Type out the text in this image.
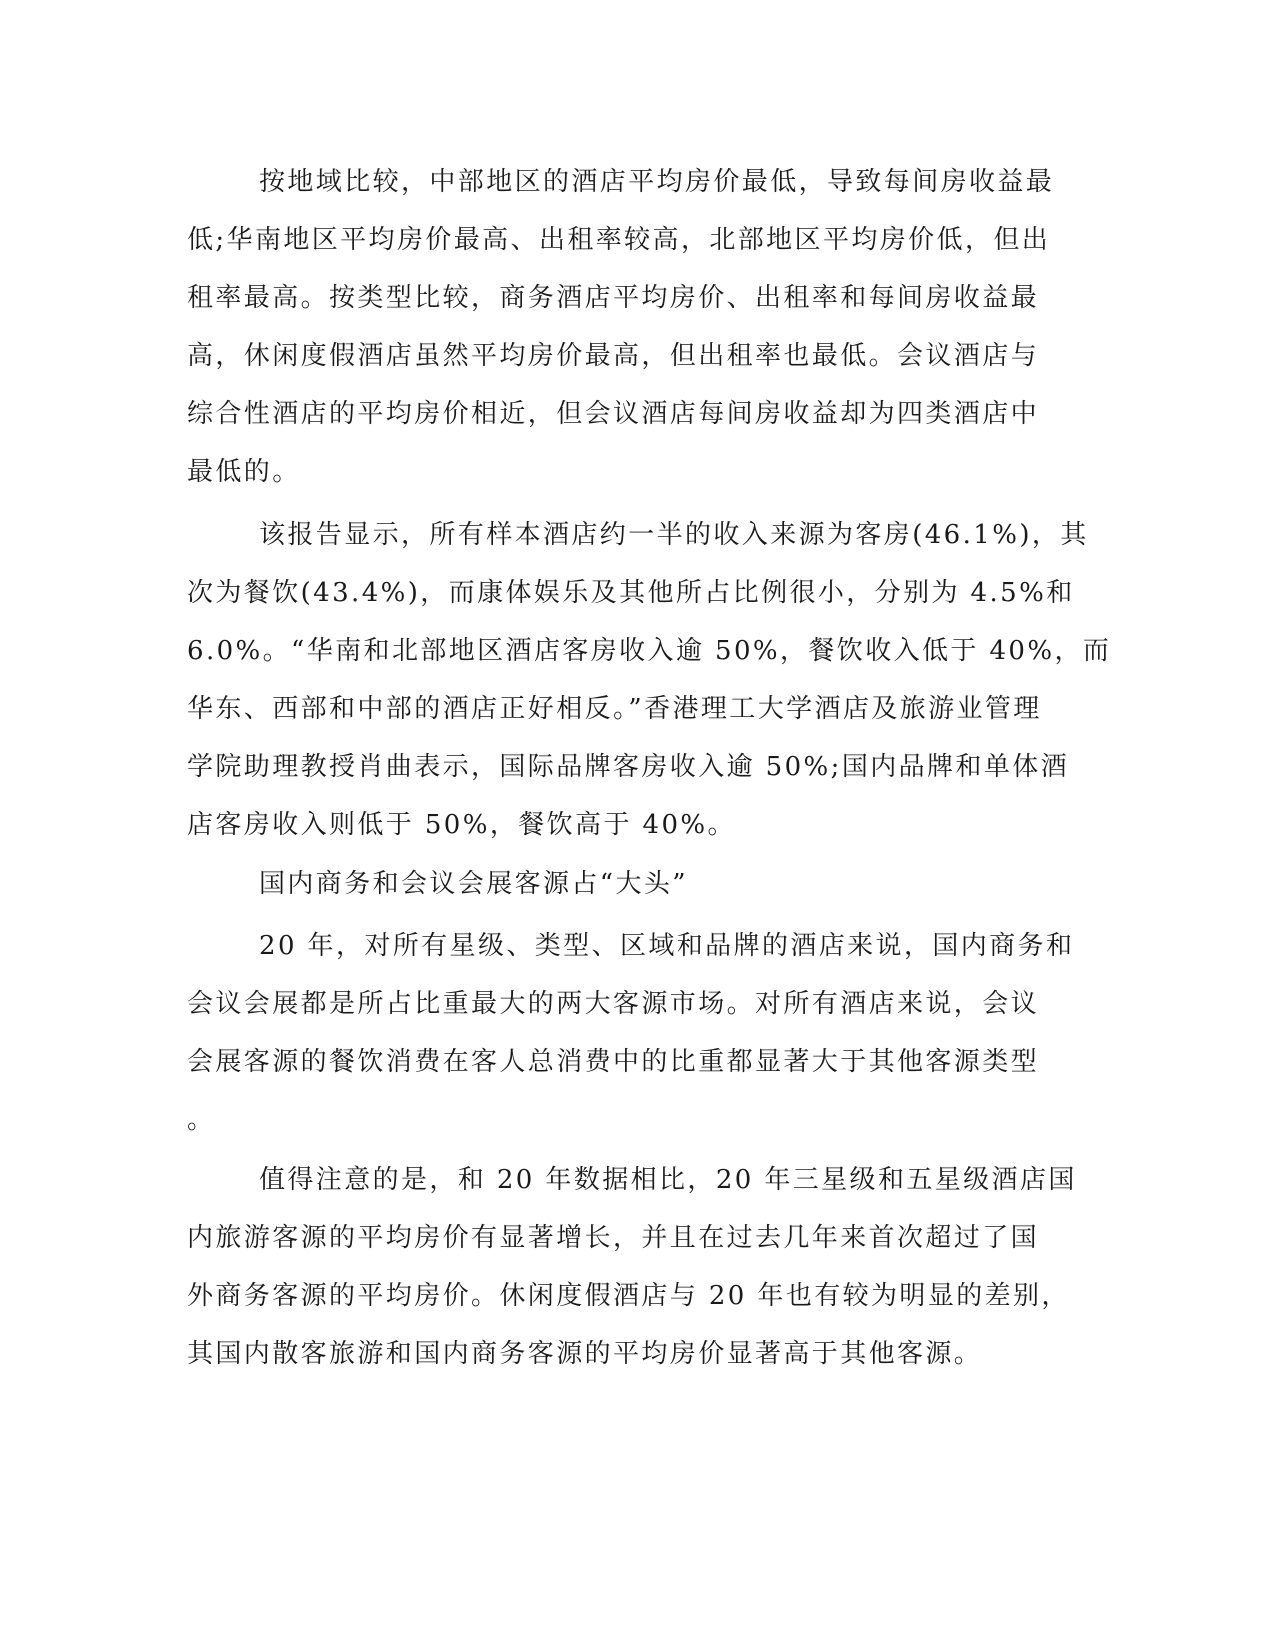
按地域比较，中部地区的酒店平均房价最低，导致每间房收益最
低;华南地区平均房价最高、出租率较高，北部地区平均房价低，但出
租率最高。按类型比较，商务酒店平均房价、出租率和每间房收益最
高，休闲度假酒店虽然平均房价最高，但出租率也最低。会议酒店与
综合性酒店的平均房价相近，但会议酒店每间房收益却为四类酒店中
最低的。
该报告显示，所有样本酒店约一半的收入来源为客房(46.1%)，其
次为餐饮(43.4%)，而康体娱乐及其他所占比例很小，分别为 4.5%和
6.0%。“华南和北部地区酒店客房收入逾 50%，餐饮收入低于 40%，而
华东、西部和中部的酒店正好相反。”香港理工大学酒店及旅游业管理
学院助理教授肖曲表示，国际品牌客房收入逾 50%;国内品牌和单体酒
店客房收入则低于 50%，餐饮高于 40%。
国内商务和会议会展客源占“大头”
20 年，对所有星级、类型、区域和品牌的酒店来说，国内商务和
会议会展都是所占比重最大的两大客源市场。对所有酒店来说，会议
会展客源的餐饮消费在客人总消费中的比重都显著大于其他客源类型
。
值得注意的是，和 20 年数据相比，20 年三星级和五星级酒店国
内旅游客源的平均房价有显著增长，并且在过去几年来首次超过了国
外商务客源的平均房价。休闲度假酒店与 20 年也有较为明显的差别，
其国内散客旅游和国内商务客源的平均房价显著高于其他客源。
